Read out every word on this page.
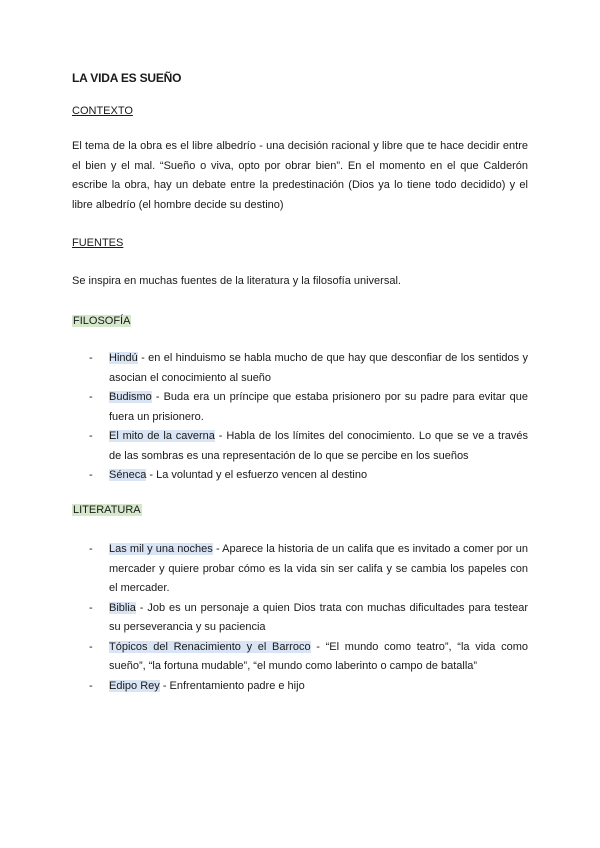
LA VIDA ES SUEÑO
CONTEXTO
El tema de la obra es el libre albedrío - una decisión racional y libre que te hace decidir entre el bien y el mal. “Sueño o viva, opto por obrar bien”. En el momento en el que Calderón escribe la obra, hay un debate entre la predestinación (Dios ya lo tiene todo decidido) y el libre albedrío (el hombre decide su destino)
FUENTES
Se inspira en muchas fuentes de la literatura y la filosofía universal.
FILOSOFÍA
- Hindú - en el hinduismo se habla mucho de que hay que desconfiar de los sentidos y asocian el conocimiento al sueño
- Budismo - Buda era un príncipe que estaba prisionero por su padre para evitar que fuera un prisionero.
- El mito de la caverna - Habla de los límites del conocimiento. Lo que se ve a través de las sombras es una representación de lo que se percibe en los sueños
- Séneca - La voluntad y el esfuerzo vencen al destino
LITERATURA
- Las mil y una noches - Aparece la historia de un califa que es invitado a comer por un mercader y quiere probar cómo es la vida sin ser califa y se cambia los papeles con el mercader.
- Biblia - Job es un personaje a quien Dios trata con muchas dificultades para testear su perseverancia y su paciencia
- Tópicos del Renacimiento y el Barroco - “El mundo como teatro”, “la vida como sueño”, “la fortuna mudable”, “el mundo como laberinto o campo de batalla”
- Edipo Rey - Enfrentamiento padre e hijo
